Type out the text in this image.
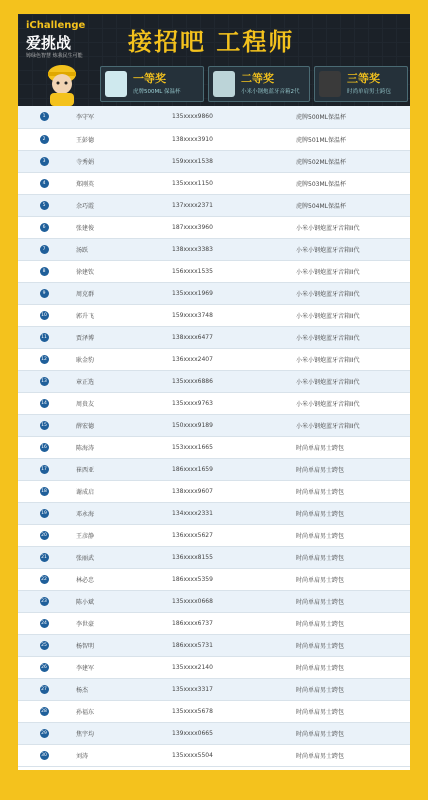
iChallenge
爱挑战
铸绿色智慧 炼我民生可能 接招吧 工程师
一等奖
虎牌500ML 保温杯
二等奖
小米小钢炮蓝牙音箱2代
三等奖
时尚单肩男士跨包
1	李守军	135xxxx9860	虎牌500ML保温杯
2	王彭德	138xxxx3910	虎牌501ML保温杯
3	寺秀娟	159xxxx1538	虎牌502ML保温杯
4	郑刚英	135xxxx1150	虎牌503ML保温杯
5	余巧霞	137xxxx2371	虎牌504ML保温杯
6	张建俊	187xxxx3960	小米小钢炮蓝牙音箱II代
7	汤跃	138xxxx3383	小米小钢炮蓝牙音箱II代
8	徐建钦	156xxxx1535	小米小钢炮蓝牙音箱II代
9	周克群	135xxxx1969	小米小钢炮蓝牙音箱II代
10	郭升飞	159xxxx3748	小米小钢炮蓝牙音箱II代
11	贾泽博	138xxxx6477	小米小钢炮蓝牙音箱II代
12	耿金豹	136xxxx2407	小米小钢炮蓝牙音箱II代
13	章正选	135xxxx6886	小米小钢炮蓝牙音箱II代
14	周贵友	135xxxx9763	小米小钢炮蓝牙音箱II代
15	薛宏德	150xxxx9189	小米小钢炮蓝牙音箱II代
16	陈海涛	153xxxx1665	时尚单肩男士跨包
17	崔西亚	186xxxx1659	时尚单肩男士跨包
18	谢成启	138xxxx9607	时尚单肩男士跨包
19	邓永海	134xxxx2331	时尚单肩男士跨包
20	王彦静	136xxxx5627	时尚单肩男士跨包
21	张丽武	136xxxx8155	时尚单肩男士跨包
22	林必忠	186xxxx5359	时尚单肩男士跨包
23	陈小斌	135xxxx0668	时尚单肩男士跨包
24	李世豪	186xxxx6737	时尚单肩男士跨包
25	杨智明	186xxxx5731	时尚单肩男士跨包
26	李建军	135xxxx2140	时尚单肩男士跨包
27	杨杰	135xxxx3317	时尚单肩男士跨包
28	孙福东	135xxxx5678	时尚单肩男士跨包
29	焦宇均	139xxxx0665	时尚单肩男士跨包
30	刘涛	135xxxx5504	时尚单肩男士跨包
